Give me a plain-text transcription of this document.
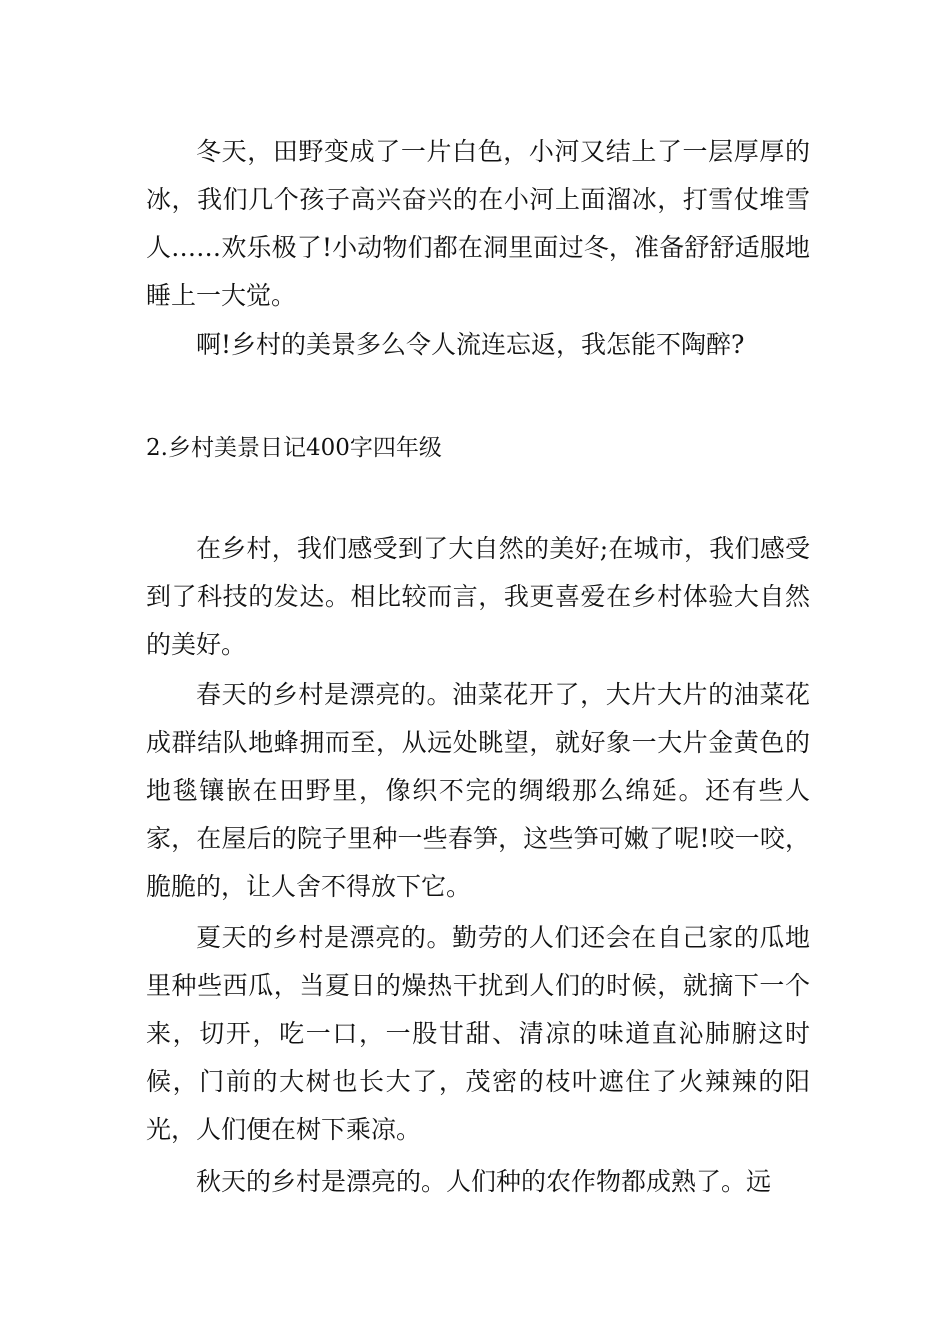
冬天，田野变成了一片白色，小河又结上了一层厚厚的冰，我们几个孩子高兴奋兴的在小河上面溜冰，打雪仗堆雪人……欢乐极了!小动物们都在洞里面过冬，准备舒舒适服地睡上一大觉。

啊!乡村的美景多么令人流连忘返，我怎能不陶醉?

2.乡村美景日记400字四年级

在乡村，我们感受到了大自然的美好;在城市，我们感受到了科技的发达。相比较而言，我更喜爱在乡村体验大自然的美好。

春天的乡村是漂亮的。油菜花开了，大片大片的油菜花成群结队地蜂拥而至，从远处眺望，就好象一大片金黄色的地毯镶嵌在田野里，像织不完的绸缎那么绵延。还有些人家，在屋后的院子里种一些春笋，这些笋可嫩了呢!咬一咬，脆脆的，让人舍不得放下它。

夏天的乡村是漂亮的。勤劳的人们还会在自己家的瓜地里种些西瓜，当夏日的燥热干扰到人们的时候，就摘下一个来，切开，吃一口，一股甘甜、清凉的味道直沁肺腑这时候，门前的大树也长大了，茂密的枝叶遮住了火辣辣的阳光，人们便在树下乘凉。

秋天的乡村是漂亮的。人们种的农作物都成熟了。远
